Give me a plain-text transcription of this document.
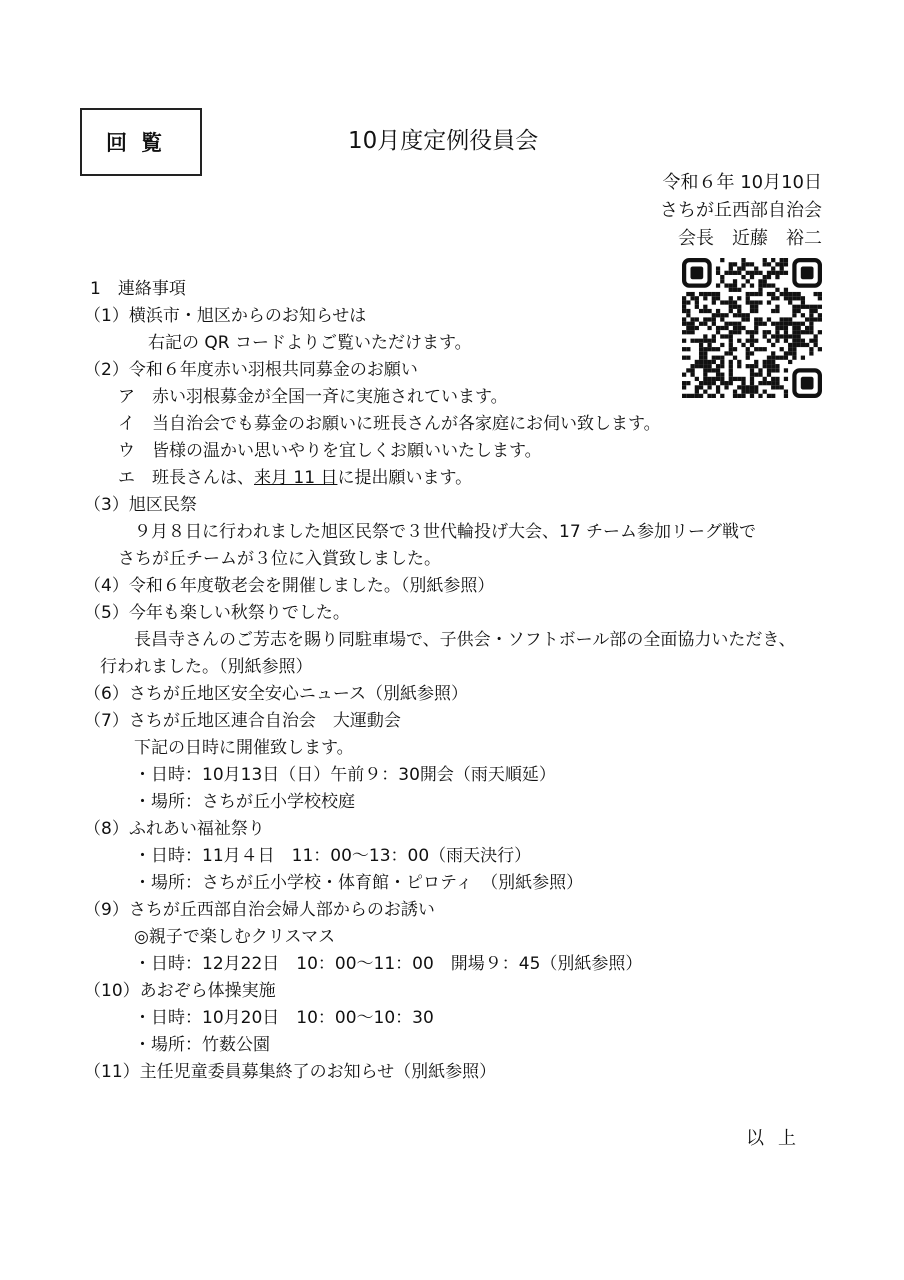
回覧	10月度定例役員会
令和６年 10月10日
さちが丘西部自治会
会長　近藤　裕二
1　連絡事項
（1）横浜市・旭区からのお知らせは
右記の QR コードよりご覧いただけます。
（2）令和６年度赤い羽根共同募金のお願い
ア　赤い羽根募金が全国一斉に実施されています。
イ　当自治会でも募金のお願いに班長さんが各家庭にお伺い致します。
ウ　皆様の温かい思いやりを宜しくお願いいたします。
エ　班長さんは、来月 11 日に提出願います。
（3）旭区民祭
９月８日に行われました旭区民祭で３世代輪投げ大会、17 チーム参加リーグ戦で
さちが丘チームが３位に入賞致しました。
（4）令和６年度敬老会を開催しました。（別紙参照）
（5）今年も楽しい秋祭りでした。
長昌寺さんのご芳志を賜り同駐車場で、子供会・ソフトボール部の全面協力いただき、
行われました。（別紙参照）
（6）さちが丘地区安全安心ニュース（別紙参照）
（7）さちが丘地区連合自治会　大運動会
下記の日時に開催致します。
・日時：10月13日（日）午前９：30開会（雨天順延）
・場所：さちが丘小学校校庭
（8）ふれあい福祉祭り
・日時：11月４日　11：00～13：00（雨天決行）
・場所：さちが丘小学校・体育館・ピロティ　（別紙参照）
（9）さちが丘西部自治会婦人部からのお誘い
◎親子で楽しむクリスマス
・日時：12月22日　10：00～11：00　開場９：45（別紙参照）
（10）あおぞら体操実施
・日時：10月20日　10：00～10：30
・場所：竹薮公園
（11）主任児童委員募集終了のお知らせ（別紙参照）
以上
